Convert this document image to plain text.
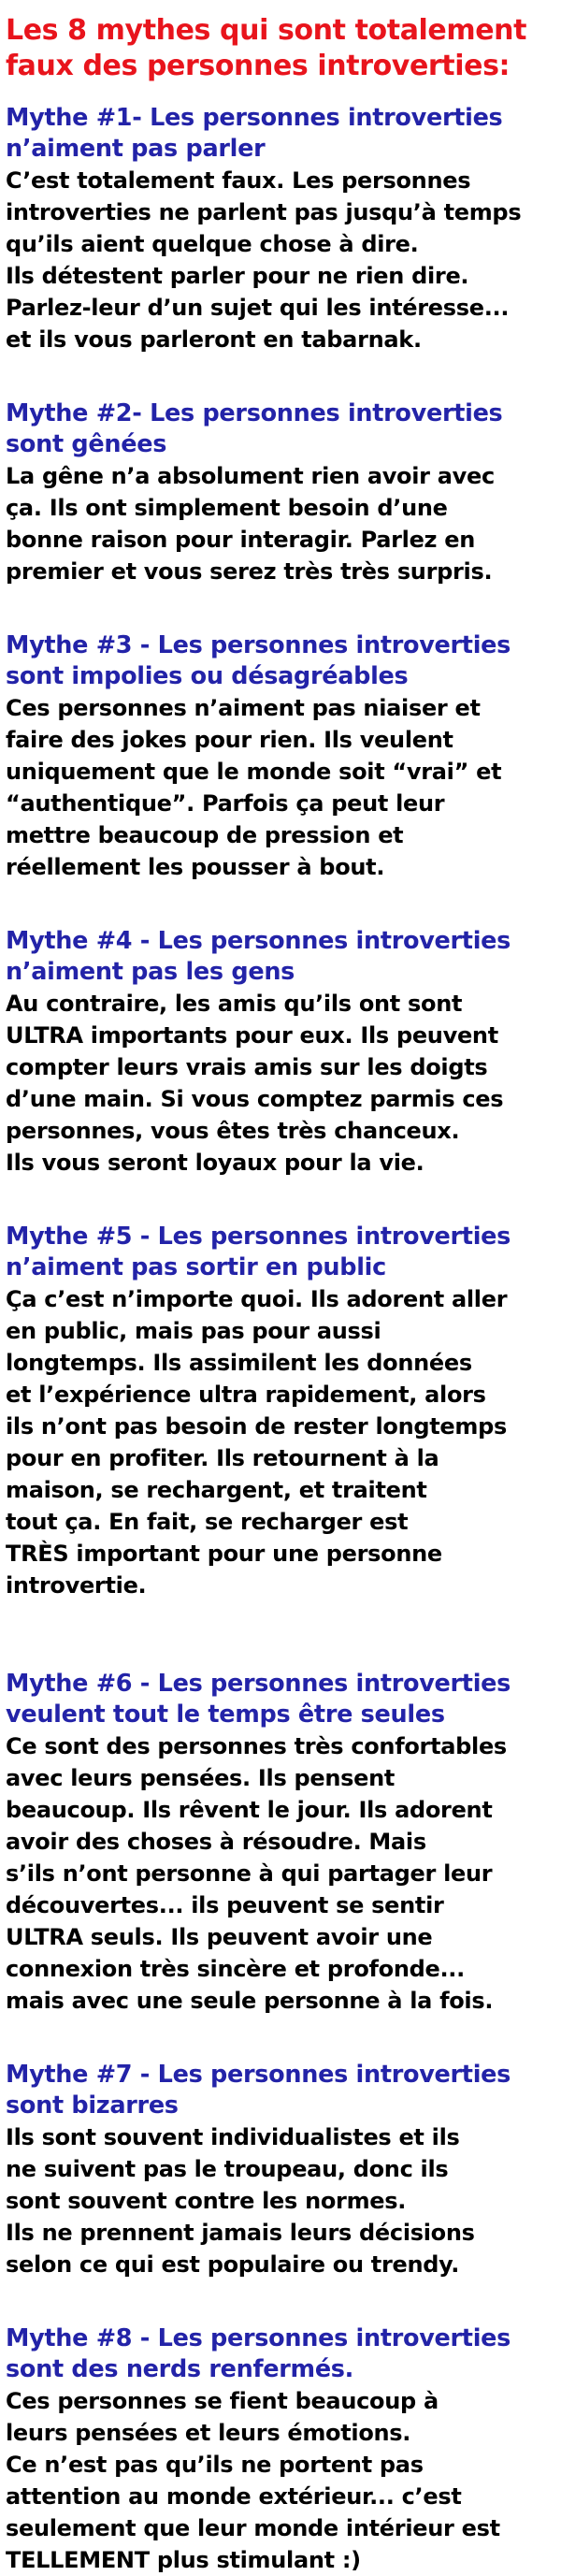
Les 8 mythes qui sont totalement
faux des personnes introverties:
Mythe #1- Les personnes introverties
n’aiment pas parler
C’est totalement faux. Les personnes
introverties ne parlent pas jusqu’à temps
qu’ils aient quelque chose à dire.
Ils détestent parler pour ne rien dire.
Parlez-leur d’un sujet qui les intéresse...
et ils vous parleront en tabarnak.
Mythe #2- Les personnes introverties
sont gênées
La gêne n’a absolument rien avoir avec
ça. Ils ont simplement besoin d’une
bonne raison pour interagir. Parlez en
premier et vous serez très très surpris.
Mythe #3 - Les personnes introverties
sont impolies ou désagréables
Ces personnes n’aiment pas niaiser et
faire des jokes pour rien. Ils veulent
uniquement que le monde soit “vrai” et
“authentique”. Parfois ça peut leur
mettre beaucoup de pression et
réellement les pousser à bout.
Mythe #4 - Les personnes introverties
n’aiment pas les gens
Au contraire, les amis qu’ils ont sont
ULTRA importants pour eux. Ils peuvent
compter leurs vrais amis sur les doigts
d’une main. Si vous comptez parmis ces
personnes, vous êtes très chanceux.
Ils vous seront loyaux pour la vie.
Mythe #5 - Les personnes introverties
n’aiment pas sortir en public
Ça c’est n’importe quoi. Ils adorent aller
en public, mais pas pour aussi
longtemps. Ils assimilent les données
et l’expérience ultra rapidement, alors
ils n’ont pas besoin de rester longtemps
pour en profiter. Ils retournent à la
maison, se rechargent, et traitent
tout ça. En fait, se recharger est
TRÈS important pour une personne
introvertie.
Mythe #6 - Les personnes introverties
veulent tout le temps être seules
Ce sont des personnes très confortables
avec leurs pensées. Ils pensent
beaucoup. Ils rêvent le jour. Ils adorent
avoir des choses à résoudre. Mais
s’ils n’ont personne à qui partager leur
découvertes... ils peuvent se sentir
ULTRA seuls. Ils peuvent avoir une
connexion très sincère et profonde...
mais avec une seule personne à la fois.
Mythe #7 - Les personnes introverties
sont bizarres
Ils sont souvent individualistes et ils
ne suivent pas le troupeau, donc ils
sont souvent contre les normes.
Ils ne prennent jamais leurs décisions
selon ce qui est populaire ou trendy.
Mythe #8 - Les personnes introverties
sont des nerds renfermés.
Ces personnes se fient beaucoup à
leurs pensées et leurs émotions.
Ce n’est pas qu’ils ne portent pas
attention au monde extérieur... c’est
seulement que leur monde intérieur est
TELLEMENT plus stimulant :)
